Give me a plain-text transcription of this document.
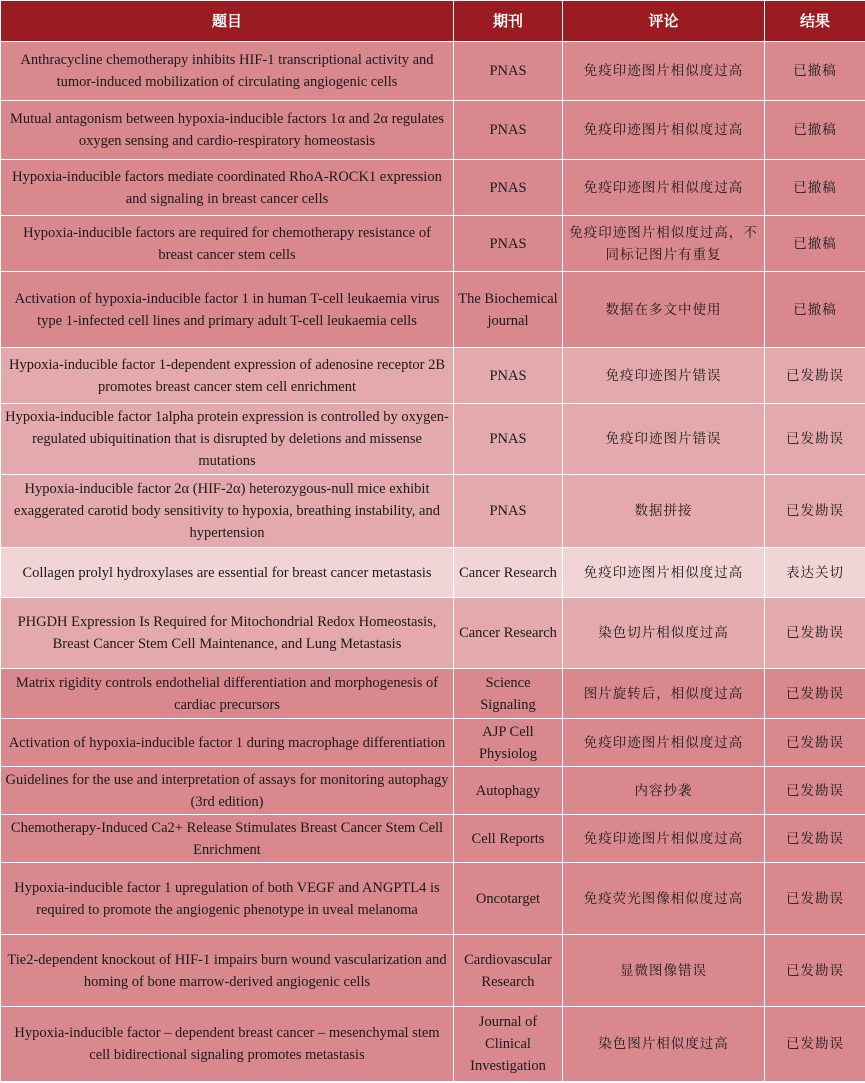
题目	期刊	评论	结果
Anthracycline chemotherapy inhibits HIF-1 transcriptional activity and tumor-induced mobilization of circulating angiogenic cells	PNAS	免疫印迹图片相似度过高	已撤稿
Mutual antagonism between hypoxia-inducible factors 1α and 2α regulates oxygen sensing and cardio-respiratory homeostasis	PNAS	免疫印迹图片相似度过高	已撤稿
Hypoxia-inducible factors mediate coordinated RhoA-ROCK1 expression and signaling in breast cancer cells	PNAS	免疫印迹图片相似度过高	已撤稿
Hypoxia-inducible factors are required for chemotherapy resistance of breast cancer stem cells	PNAS	免疫印迹图片相似度过高，不同标记图片有重复	已撤稿
Activation of hypoxia-inducible factor 1 in human T-cell leukaemia virus type 1-infected cell lines and primary adult T-cell leukaemia cells	The Biochemical journal	数据在多文中使用	已撤稿
Hypoxia-inducible factor 1-dependent expression of adenosine receptor 2B promotes breast cancer stem cell enrichment	PNAS	免疫印迹图片错误	已发勘误
Hypoxia-inducible factor 1alpha protein expression is controlled by oxygen-regulated ubiquitination that is disrupted by deletions and missense mutations	PNAS	免疫印迹图片错误	已发勘误
Hypoxia-inducible factor 2α (HIF-2α) heterozygous-null mice exhibit exaggerated carotid body sensitivity to hypoxia, breathing instability, and hypertension	PNAS	数据拼接	已发勘误
Collagen prolyl hydroxylases are essential for breast cancer metastasis	Cancer Research	免疫印迹图片相似度过高	表达关切
PHGDH Expression Is Required for Mitochondrial Redox Homeostasis, Breast Cancer Stem Cell Maintenance, and Lung Metastasis	Cancer Research	染色切片相似度过高	已发勘误
Matrix rigidity controls endothelial differentiation and morphogenesis of cardiac precursors	Science Signaling	图片旋转后，相似度过高	已发勘误
Activation of hypoxia-inducible factor 1 during macrophage differentiation	AJP Cell Physiolog	免疫印迹图片相似度过高	已发勘误
Guidelines for the use and interpretation of assays for monitoring autophagy (3rd edition)	Autophagy	内容抄袭	已发勘误
Chemotherapy-Induced Ca2+ Release Stimulates Breast Cancer Stem Cell Enrichment	Cell Reports	免疫印迹图片相似度过高	已发勘误
Hypoxia-inducible factor 1 upregulation of both VEGF and ANGPTL4 is required to promote the angiogenic phenotype in uveal melanoma	Oncotarget	免疫荧光图像相似度过高	已发勘误
Tie2-dependent knockout of HIF-1 impairs burn wound vascularization and homing of bone marrow-derived angiogenic cells	Cardiovascular Research	显微图像错误	已发勘误
Hypoxia-inducible factor – dependent breast cancer – mesenchymal stem cell bidirectional signaling promotes metastasis	Journal of Clinical Investigation	染色图片相似度过高	已发勘误
